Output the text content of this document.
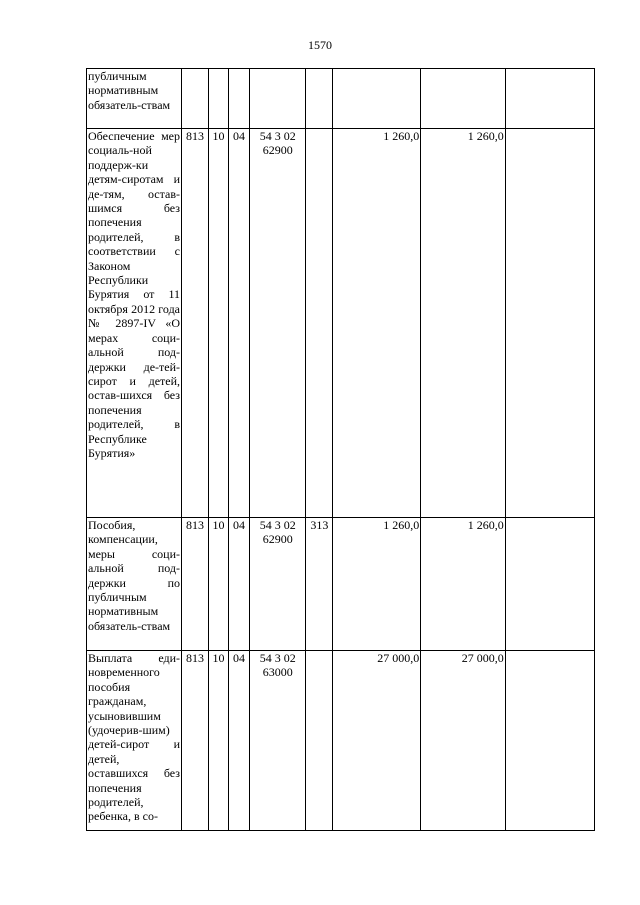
1570
публичным нормативным обязатель-ствам								
Обеспечение мер социаль-ной поддерж-ки детям-сиротам и де-тям, остав-шимся без попечения родителей, в соответствии с Законом Республики Бурятия от 11 октября 2012 года № 2897-IV «О мерах соци-альной под-держки де-тей-сирот и детей, остав-шихся без попечения родителей, в Республике Бурятия»	813	10	04	54 3 02 62900		1 260,0	1 260,0	
Пособия, компенсации, меры соци-альной под-держки по публичным нормативным обязатель-ствам	813	10	04	54 3 02 62900	313	1 260,0	1 260,0	
Выплата еди-новременного пособия гражданам, усыновившим (удочерив-шим) детей-сирот и детей, оставшихся без попечения родителей, ребенка, в со-	813	10	04	54 3 02 63000		27 000,0	27 000,0	
